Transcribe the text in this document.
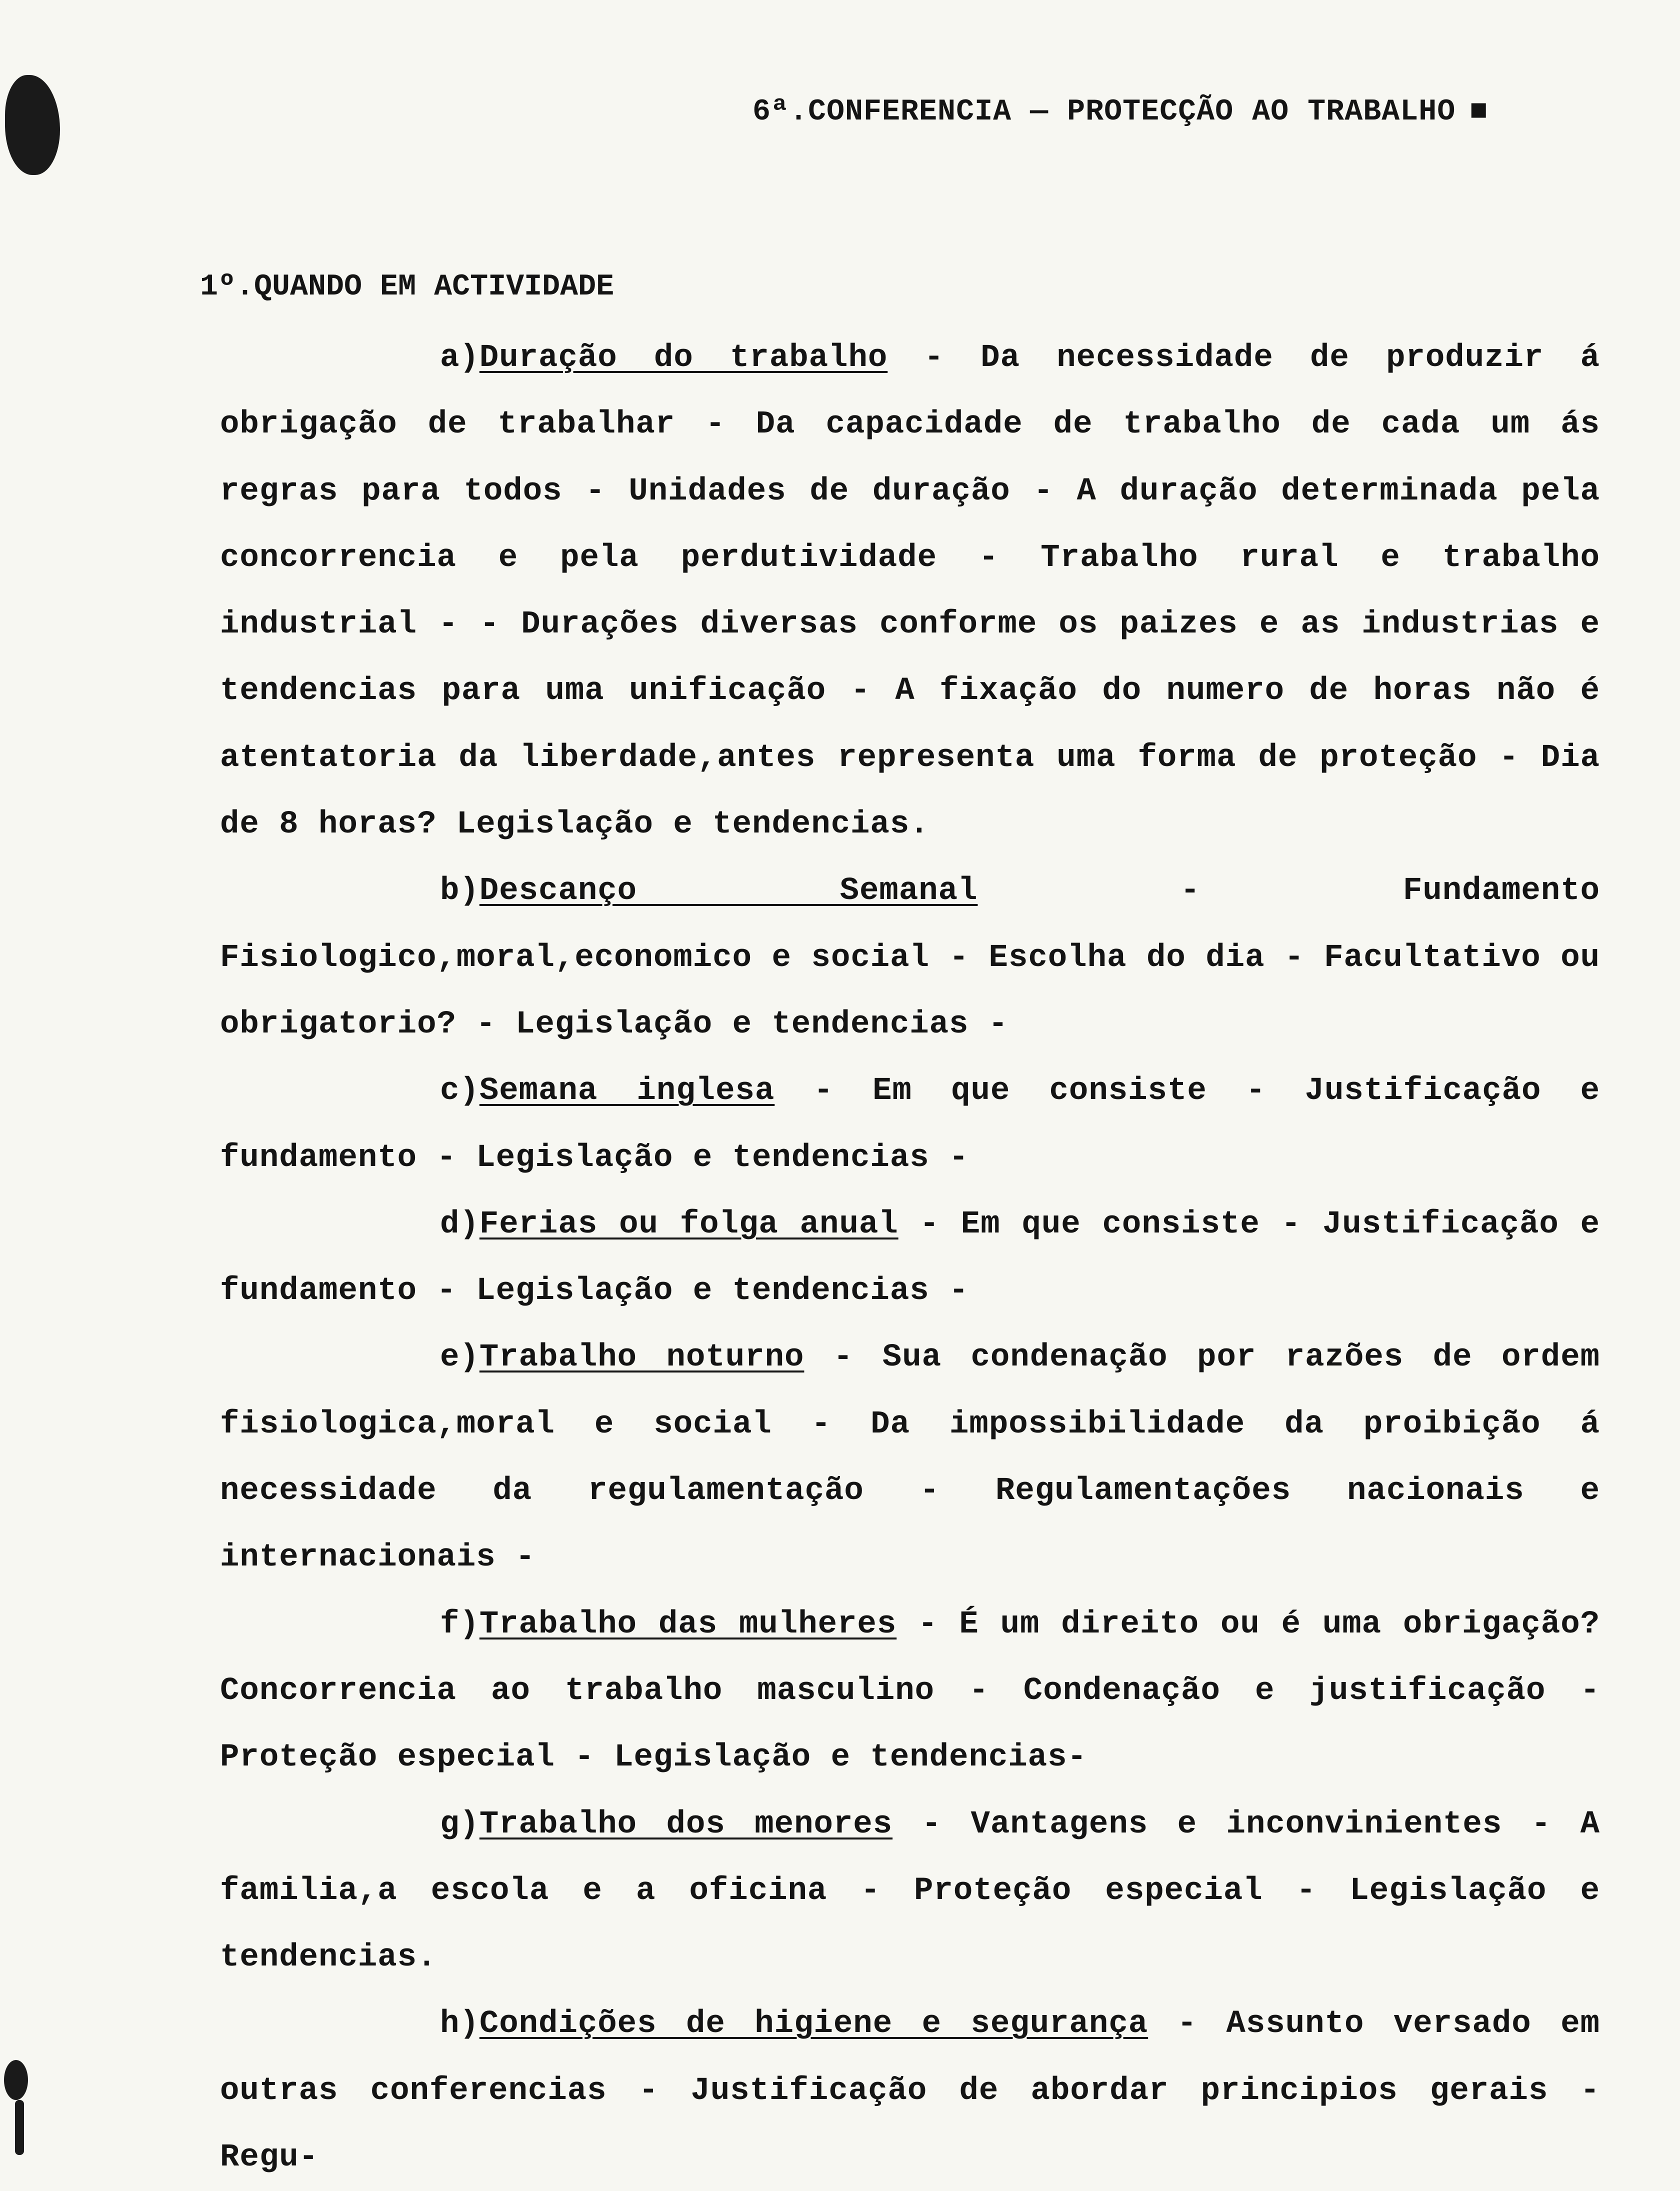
6ª.CONFERENCIA — PROTECÇÃO AO TRABALHO ■
1º.QUANDO EM ACTIVIDADE

a)Duração do trabalho - Da necessidade de produzir á obrigação de trabalhar - Da capacidade de trabalho de cada um ás regras para todos - Unidades de duração - A duração determinada pela concorrencia e pela perdutividade - Trabalho rural e trabalho industrial - - Durações diversas conforme os paizes e as industrias e tendencias para uma unificação - A fixação do numero de horas não é atentatoria da liberdade,antes representa uma forma de proteção - Dia de 8 horas? Legislação e tendencias.

b)Descanço Semanal - Fundamento Fisiologico,moral,economico e social - Escolha do dia - Facultativo ou obrigatorio? - Legislação e tendencias -

c)Semana inglesa - Em que consiste - Justificação e fundamento - Legislação e tendencias -

d)Ferias ou folga anual - Em que consiste - Justificação e fundamento - Legislação e tendencias -

e)Trabalho noturno - Sua condenação por razões de ordem fisiologica,moral e social - Da impossibilidade da proibição á necessidade da regulamentação - Regulamentações nacionais e internacionais -

f)Trabalho das mulheres - É um direito ou é uma obrigação? Concorrencia ao trabalho masculino - Condenação e justificação - Proteção especial - Legislação e tendencias-

g)Trabalho dos menores - Vantagens e inconvinientes - A familia,a escola e a oficina - Proteção especial - Legislação e tendencias.

h)Condições de higiene e segurança - Assunto versado em outras conferencias - Justificação de abordar principios gerais - Regu-
